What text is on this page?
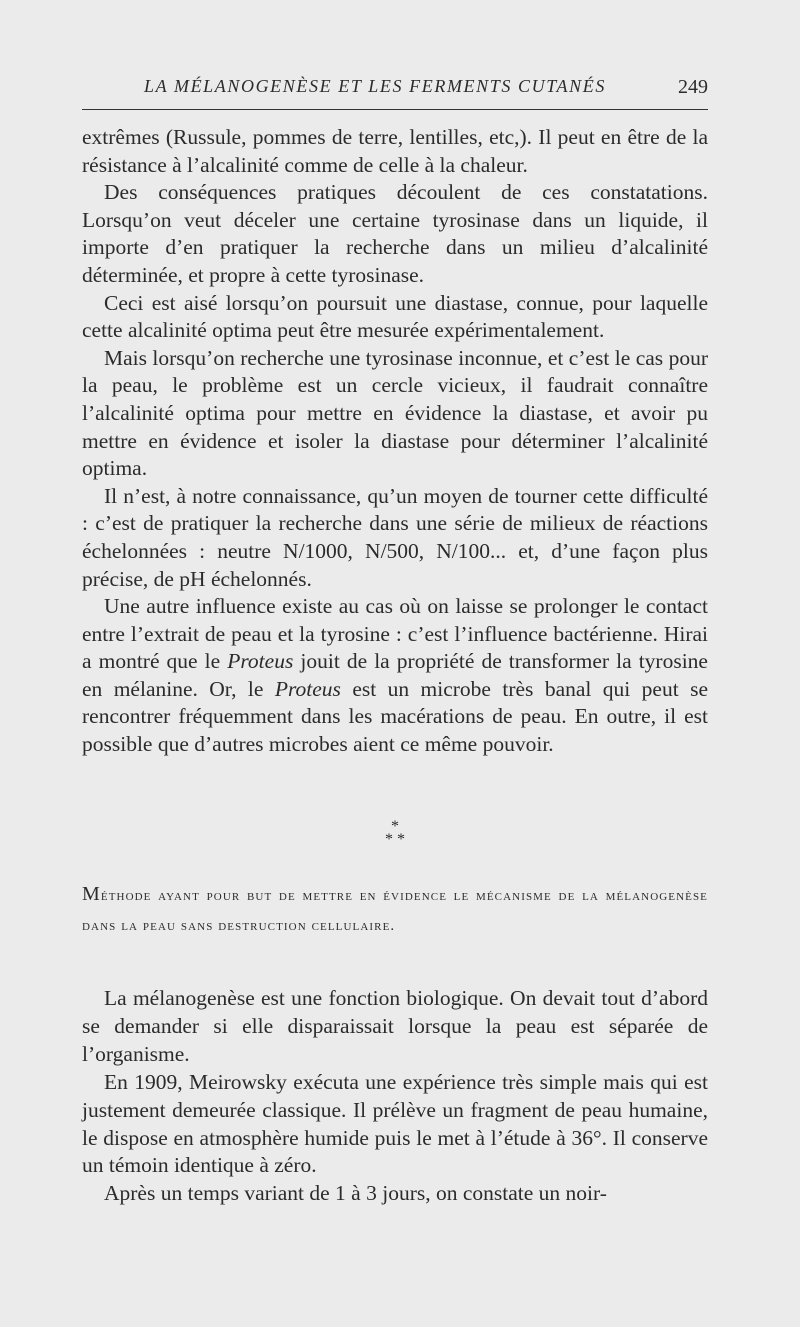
LA MÉLANOGENÈSE ET LES FERMENTS CUTANÉS	249

extrêmes (Russule, pommes de terre, lentilles, etc,). Il peut en être de la résistance à l’alcalinité comme de celle à la chaleur.

Des conséquences pratiques découlent de ces constatations. Lorsqu’on veut déceler une certaine tyrosinase dans un liquide, il importe d’en pratiquer la recherche dans un milieu d’alcalinité déterminée, et propre à cette tyrosinase.

Ceci est aisé lorsqu’on poursuit une diastase, connue, pour laquelle cette alcalinité optima peut être mesurée expérimentalement.

Mais lorsqu’on recherche une tyrosinase inconnue, et c’est le cas pour la peau, le problème est un cercle vicieux, il faudrait connaître l’alcalinité optima pour mettre en évidence la diastase, et avoir pu mettre en évidence et isoler la diastase pour déterminer l’alcalinité optima.

Il n’est, à notre connaissance, qu’un moyen de tourner cette difficulté : c’est de pratiquer la recherche dans une série de milieux de réactions échelonnées : neutre N/1000, N/500, N/100... et, d’une façon plus précise, de pH échelonnés.

Une autre influence existe au cas où on laisse se prolonger le contact entre l’extrait de peau et la tyrosine : c’est l’influence bactérienne. Hirai a montré que le Proteus jouit de la propriété de transformer la tyrosine en mélanine. Or, le Proteus est un microbe très banal qui peut se rencontrer fréquemment dans les macérations de peau. En outre, il est possible que d’autres microbes aient ce même pouvoir.

*
* *
Méthode ayant pour but de mettre en évidence le mécanisme de la mélanogenèse dans la peau sans destruction cellulaire.

La mélanogenèse est une fonction biologique. On devait tout d’abord se demander si elle disparaissait lorsque la peau est séparée de l’organisme.

En 1909, Meirowsky exécuta une expérience très simple mais qui est justement demeurée classique. Il prélève un fragment de peau humaine, le dispose en atmosphère humide puis le met à l’étude à 36°. Il conserve un témoin identique à zéro.

Après un temps variant de 1 à 3 jours, on constate un noir-
